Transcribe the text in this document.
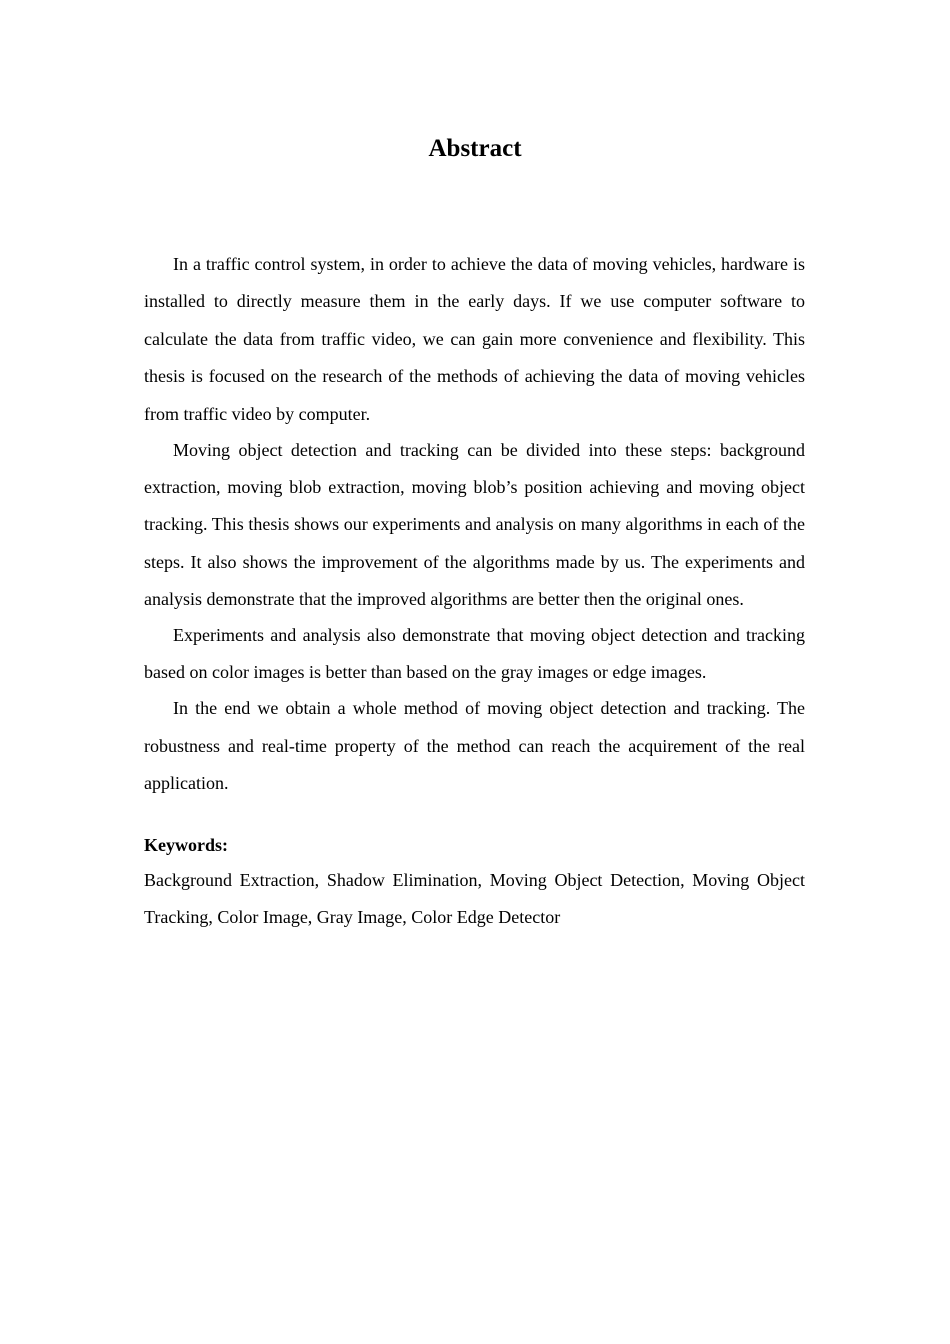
Abstract

In a traffic control system, in order to achieve the data of moving vehicles, hardware is installed to directly measure them in the early days. If we use computer software to calculate the data from traffic video, we can gain more convenience and flexibility. This thesis is focused on the research of the methods of achieving the data of moving vehicles from traffic video by computer.

Moving object detection and tracking can be divided into these steps: background extraction, moving blob extraction, moving blob’s position achieving and moving object tracking. This thesis shows our experiments and analysis on many algorithms in each of the steps. It also shows the improvement of the algorithms made by us. The experiments and analysis demonstrate that the improved algorithms are better then the original ones.

Experiments and analysis also demonstrate that moving object detection and tracking based on color images is better than based on the gray images or edge images.

In the end we obtain a whole method of moving object detection and tracking. The robustness and real-time property of the method can reach the acquirement of the real application.

Keywords:
Background Extraction, Shadow Elimination, Moving Object Detection, Moving Object Tracking, Color Image, Gray Image, Color Edge Detector
